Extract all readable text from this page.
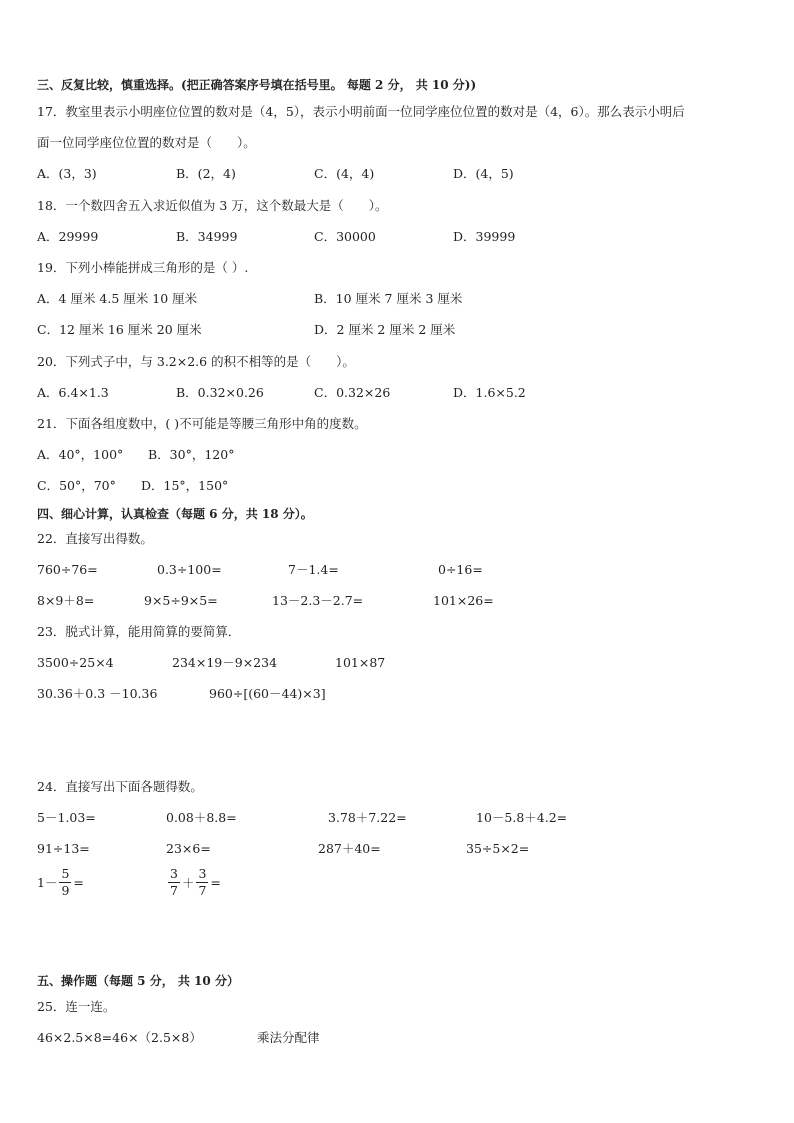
三、反复比较，慎重选择。(把正确答案序号填在括号里。 每题 2 分， 共 10 分))
17．教室里表示小明座位位置的数对是（4，5），表示小明前面一位同学座位位置的数对是（4，6）。那么表示小明后
面一位同学座位位置的数对是（　　）。
A．(3，3)	B．(2，4)	C．(4，4)	D．(4，5)
18．一个数四舍五入求近似值为 3 万，这个数最大是（　　）。
A．29999	B．34999	C．30000	D．39999
19．下列小棒能拼成三角形的是（ ）.
A．4 厘米 4.5 厘米 10 厘米	B．10 厘米 7 厘米 3 厘米
C．12 厘米 16 厘米 20 厘米	D．2 厘米 2 厘米 2 厘米
20．下列式子中，与 3.2×2.6 的积不相等的是（　　）。
A．6.4×1.3	B．0.32×0.26	C．0.32×26	D．1.6×5.2
21．下面各组度数中，( )不可能是等腰三角形中角的度数。
A．40°，100° B．30°，120°
C．50°，70° D．15°，150°
四、细心计算，认真检查（每题 6 分，共 18 分）。
22．直接写出得数。
760÷76=	0.3÷100=	7－1.4=	0÷16=
8×9＋8=	9×5÷9×5=	13－2.3－2.7=	101×26=
23．脱式计算，能用简算的要简算．
3500÷25×4	234×19－9×234	101×87
30.36＋0.3 －10.36	960÷[(60－44)×3]
24．直接写出下面各题得数。
5－1.03=	0.08＋8.8=	3.78＋7.22=	10－5.8＋4.2=
91÷13=	23×6=	287＋40=	35÷5×2=
$1- \frac{5}{9}$ =	$\frac{3}{7} + \frac{3}{7}$ =
五、操作题（每题 5 分， 共 10 分）
25．连一连。
46×2.5×8=46×（2.5×8）	乘法分配律
